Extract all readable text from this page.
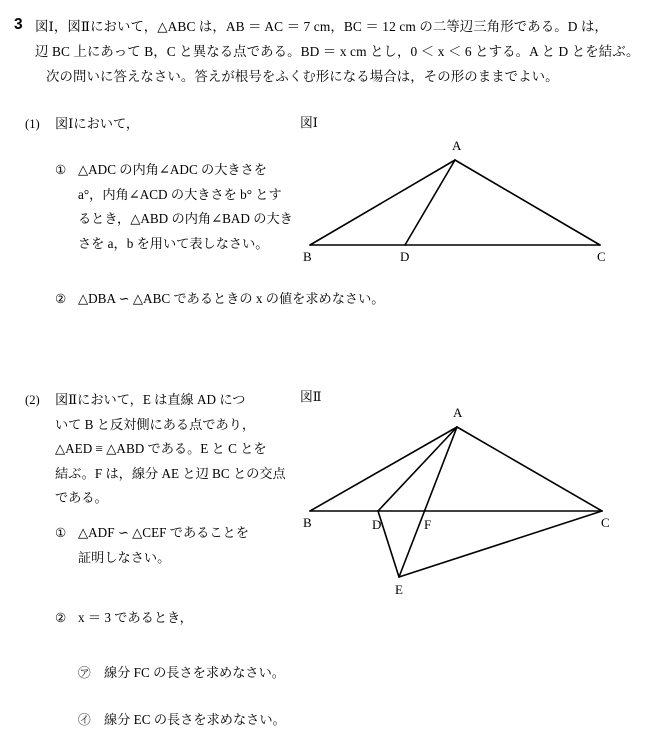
3 図Ⅰ，図Ⅱにおいて，△ABC は，AB ＝ AC ＝ 7 cm，BC ＝ 12 cm の二等辺三角形である。D は，
辺 BC 上にあって B，C と異なる点である。BD ＝ x cm とし，0 ＜ x ＜ 6 とする。A と D とを結ぶ。
次の問いに答えなさい。答えが根号をふくむ形になる場合は，その形のままでよい。
(1) 図Ⅰにおいて，
① △ADC の内角∠ADC の大きさを
a°，内角∠ACD の大きさを b° とす
るとき，△ABD の内角∠BAD の大き
さを a，b を用いて表しなさい。
② △DBA ∽ △ABC であるときの x の値を求めなさい。
図Ⅰ
A
B	C
D
(2) 図Ⅱにおいて，E は直線 AD につ
いて B と反対側にある点であり，
△AED ≡ △ABD である。E と C とを
結ぶ。F は，線分 AE と辺 BC との交点
である。
① △ADF ∽ △CEF であることを
証明しなさい。
② x ＝ 3 であるとき，
㋐ 線分 FC の長さを求めなさい。
㋑ 線分 EC の長さを求めなさい。
図Ⅱ
A
B	C
D	F
E
